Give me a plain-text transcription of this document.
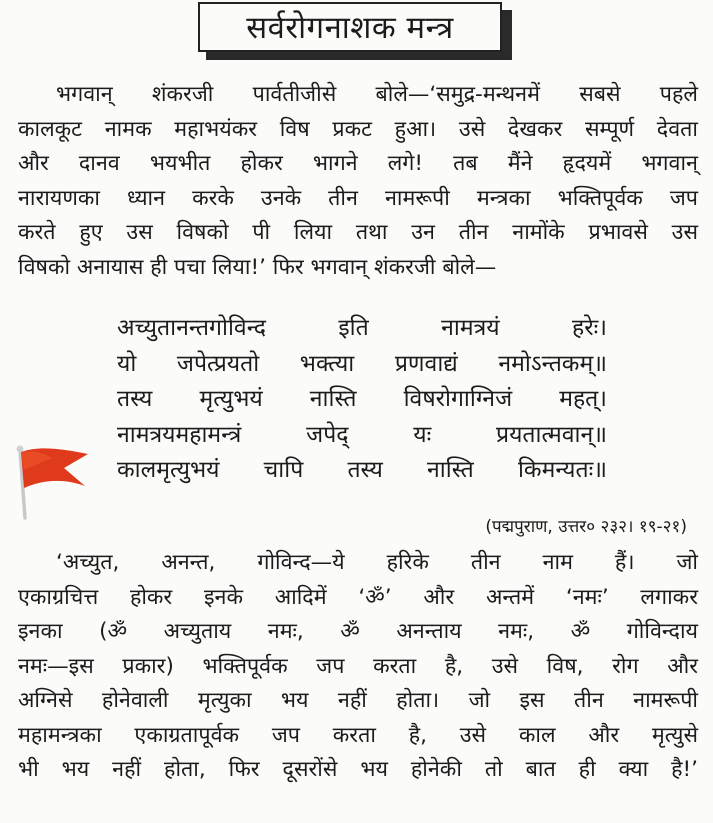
सर्वरोगनाशक मन्त्र
भगवान् शंकरजी पार्वतीजीसे बोले—‘समुद्र-मन्थनमें सबसे पहले
कालकूट नामक महाभयंकर विष प्रकट हुआ। उसे देखकर सम्पूर्ण देवता
और दानव भयभीत होकर भागने लगे! तब मैंने हृदयमें भगवान्
नारायणका ध्यान करके उनके तीन नामरूपी मन्त्रका भक्तिपूर्वक जप
करते हुए उस विषको पी लिया तथा उन तीन नामोंके प्रभावसे उस
विषको अनायास ही पचा लिया!’ फिर भगवान् शंकरजी बोले—
अच्युतानन्तगोविन्द इति नामत्रयं हरेः।
यो जपेत्प्रयतो भक्त्या प्रणवाद्यं नमोऽन्तकम्॥
तस्य मृत्युभयं नास्ति विषरोगाग्निजं महत्।
नामत्रयमहामन्त्रं जपेद् यः प्रयतात्मवान्॥
कालमृत्युभयं चापि तस्य नास्ति किमन्यतः॥
(पद्मपुराण, उत्तर० २३२। १९-२१)
‘अच्युत, अनन्त, गोविन्द—ये हरिके तीन नाम हैं। जो
एकाग्रचित्त होकर इनके आदिमें ‘ॐ’ और अन्तमें ‘नमः’ लगाकर
इनका (ॐ अच्युताय नमः, ॐ अनन्ताय नमः, ॐ गोविन्दाय
नमः—इस प्रकार) भक्तिपूर्वक जप करता है, उसे विष, रोग और
अग्निसे होनेवाली मृत्युका भय नहीं होता। जो इस तीन नामरूपी
महामन्त्रका एकाग्रतापूर्वक जप करता है, उसे काल और मृत्युसे
भी भय नहीं होता, फिर दूसरोंसे भय होनेकी तो बात ही क्या है!’
